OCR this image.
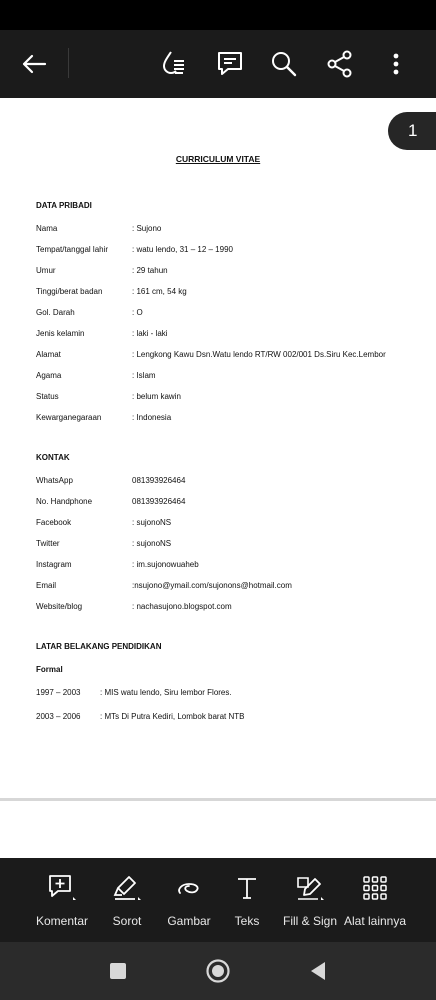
CURRICULUM VITAE
DATA PRIBADI
Nama	: Sujono
Tempat/tanggal lahir	: watu lendo, 31 – 12 – 1990
Umur	: 29 tahun
Tinggi/berat badan	: 161 cm, 54 kg
Gol. Darah	: O
Jenis kelamin	: laki - laki
Alamat	: Lengkong Kawu Dsn.Watu lendo RT/RW 002/001 Ds.Siru Kec.Lembor
Agama	: Islam
Status	: belum kawin
Kewarganegaraan	: Indonesia
KONTAK
WhatsApp	081393926464
No. Handphone	081393926464
Facebook	: sujonoNS
Twitter	: sujonoNS
Instagram	: im.sujonowuaheb
Email	:nsujono@ymail.com/sujonons@hotmail.com
Website/blog	: nachasujono.blogspot.com
LATAR BELAKANG PENDIDIKAN
Formal
1997 – 2003 : MIS watu lendo, Siru lembor Flores.
2003 – 2006 : MTs Di Putra Kediri, Lombok barat NTB
1
Komentar Sorot Gambar Teks Fill & Sign Alat lainnya
